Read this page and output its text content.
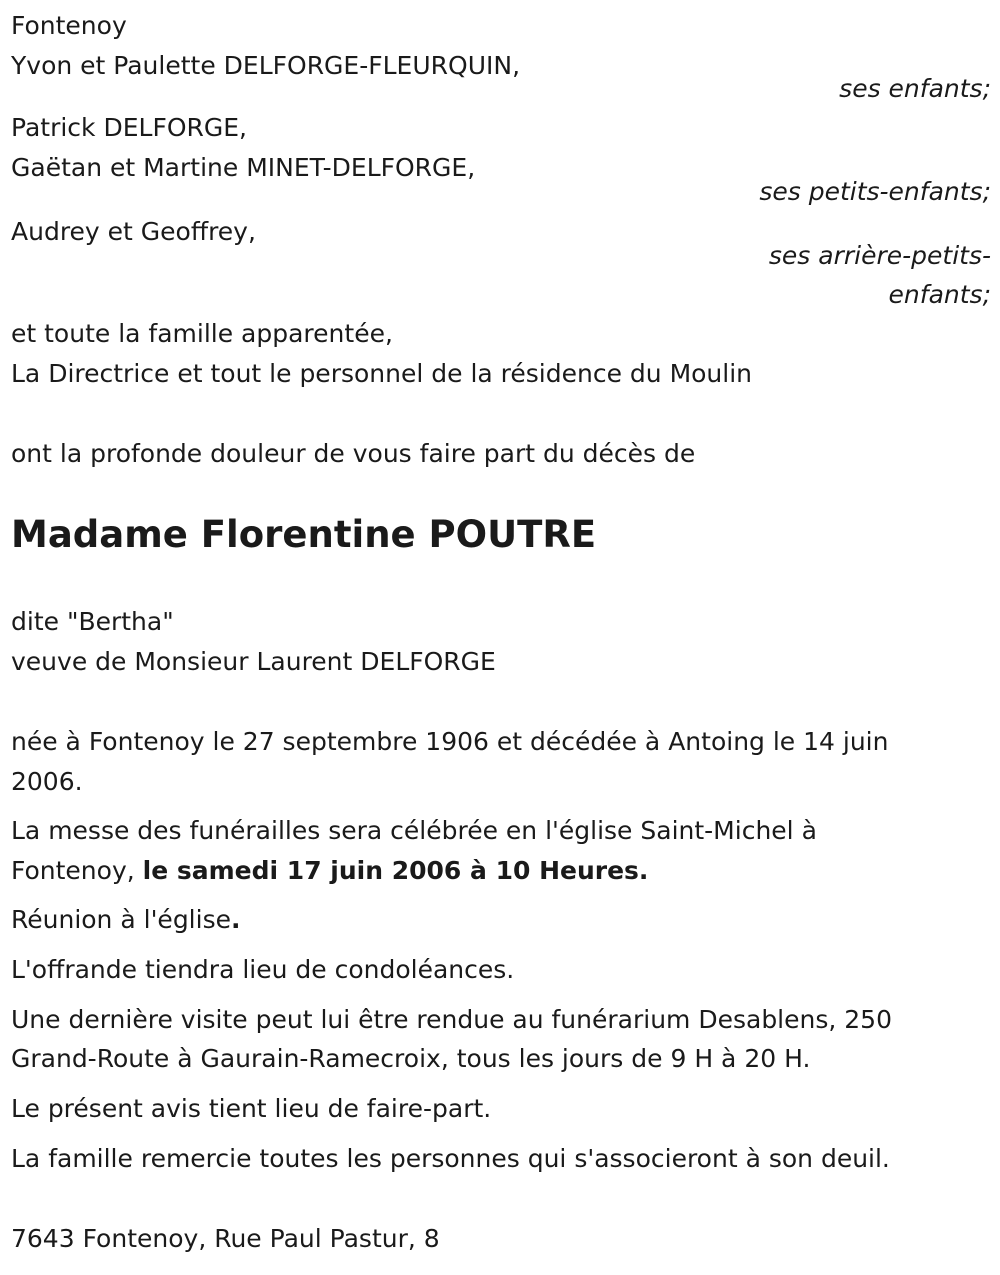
Fontenoy
Yvon et Paulette DELFORGE-FLEURQUIN,
ses enfants;
Patrick DELFORGE,
Gaëtan et Martine MINET-DELFORGE,
ses petits-enfants;
Audrey et Geoffrey,
ses arrière-petits-
enfants;
et toute la famille apparentée,
La Directrice et tout le personnel de la résidence du Moulin
ont la profonde douleur de vous faire part du décès de
Madame Florentine POUTRE
dite "Bertha"
veuve de Monsieur Laurent DELFORGE
née à Fontenoy le 27 septembre 1906 et décédée à Antoing le 14 juin
2006.
La messe des funérailles sera célébrée en l'église Saint-Michel à
Fontenoy, le samedi 17 juin 2006 à 10 Heures.
Réunion à l'église.
L'offrande tiendra lieu de condoléances.
Une dernière visite peut lui être rendue au funérarium Desablens, 250
Grand-Route à Gaurain-Ramecroix, tous les jours de 9 H à 20 H.
Le présent avis tient lieu de faire-part.
La famille remercie toutes les personnes qui s'associeront à son deuil.
7643 Fontenoy, Rue Paul Pastur, 8
